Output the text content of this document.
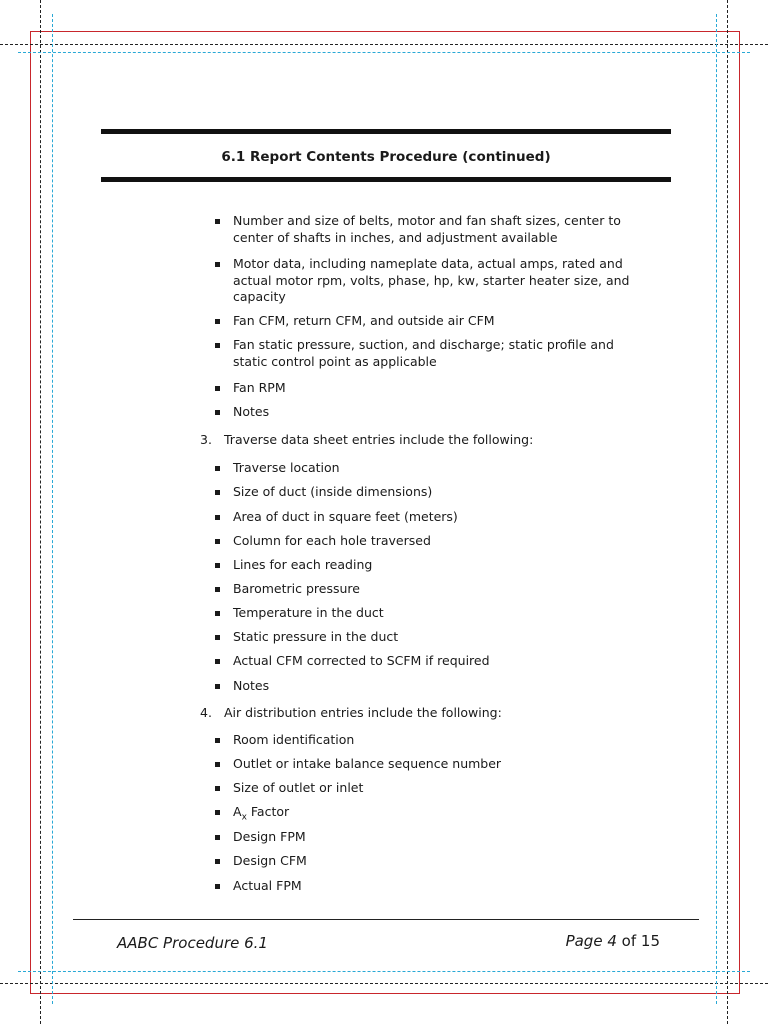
6.1 Report Contents Procedure (continued)
Number and size of belts, motor and fan shaft sizes, center to center of shafts in inches, and adjustment available
Motor data, including nameplate data, actual amps, rated and actual motor rpm, volts, phase, hp, kw, starter heater size, and capacity
Fan CFM, return CFM, and outside air CFM
Fan static pressure, suction, and discharge; static profile and static control point as applicable
Fan RPM
Notes
3. Traverse data sheet entries include the following:
Traverse location
Size of duct (inside dimensions)
Area of duct in square feet (meters)
Column for each hole traversed
Lines for each reading
Barometric pressure
Temperature in the duct
Static pressure in the duct
Actual CFM corrected to SCFM if required
Notes
4. Air distribution entries include the following:
Room identification
Outlet or intake balance sequence number
Size of outlet or inlet
$A_x$ Factor
Design FPM
Design CFM
Actual FPM
AABC Procedure 6.1	Page 4 of 15
